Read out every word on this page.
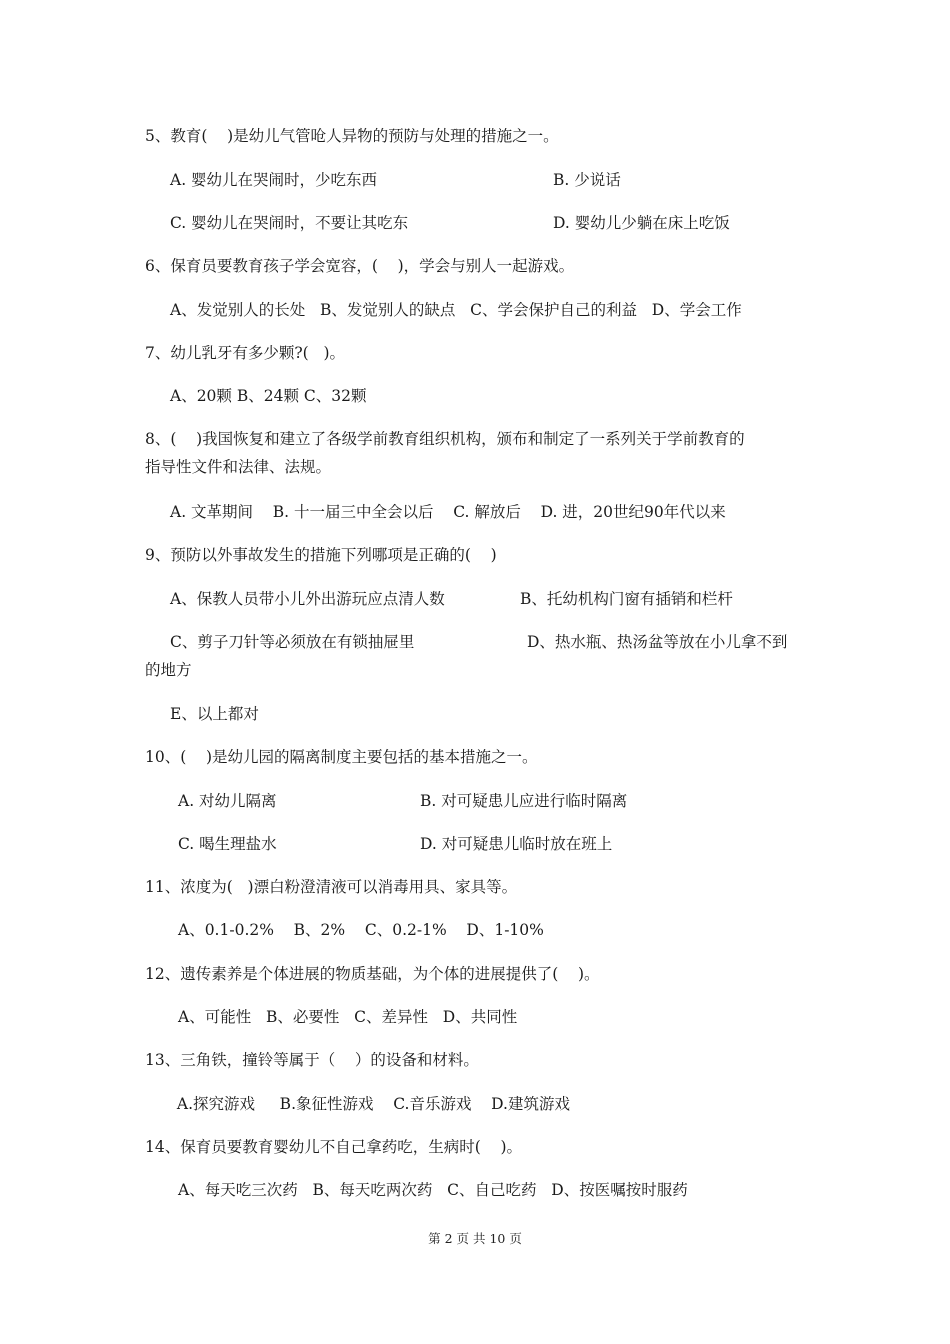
5、教育(    )是幼儿气管呛人异物的预防与处理的措施之一。
A. 婴幼儿在哭闹时，少吃东西	B. 少说话
C. 婴幼儿在哭闹时，不要让其吃东	D. 婴幼儿少躺在床上吃饭
6、保育员要教育孩子学会宽容，(    )，学会与别人一起游戏。
A、发觉别人的长处   B、发觉别人的缺点   C、学会保护自己的利益   D、学会工作
7、幼儿乳牙有多少颗?(   )。
A、20颗 B、24颗 C、32颗
8、(    )我国恢复和建立了各级学前教育组织机构，颁布和制定了一系列关于学前教育的
指导性文件和法律、法规。
A. 文革期间    B. 十一届三中全会以后    C. 解放后    D. 进，20世纪90年代以来
9、预防以外事故发生的措施下列哪项是正确的(    )
A、保教人员带小儿外出游玩应点清人数	B、托幼机构门窗有插销和栏杆
C、剪子刀针等必须放在有锁抽屉里	D、热水瓶、热汤盆等放在小儿拿不到
的地方
E、以上都对
10、(    )是幼儿园的隔离制度主要包括的基本措施之一。
A. 对幼儿隔离	B. 对可疑患儿应进行临时隔离
C. 喝生理盐水	D. 对可疑患儿临时放在班上
11、浓度为(   )漂白粉澄清液可以消毒用具、家具等。
A、0.1-0.2%    B、2%    C、0.2-1%    D、1-10%
12、遗传素养是个体进展的物质基础，为个体的进展提供了(    )。
A、可能性   B、必要性   C、差异性   D、共同性
13、三角铁，撞铃等属于（    ）的设备和材料。
A.探究游戏     B.象征性游戏    C.音乐游戏    D.建筑游戏
14、保育员要教育婴幼儿不自己拿药吃，生病时(    )。
A、每天吃三次药   B、每天吃两次药   C、自己吃药   D、按医嘱按时服药
第 2 页 共 10 页
